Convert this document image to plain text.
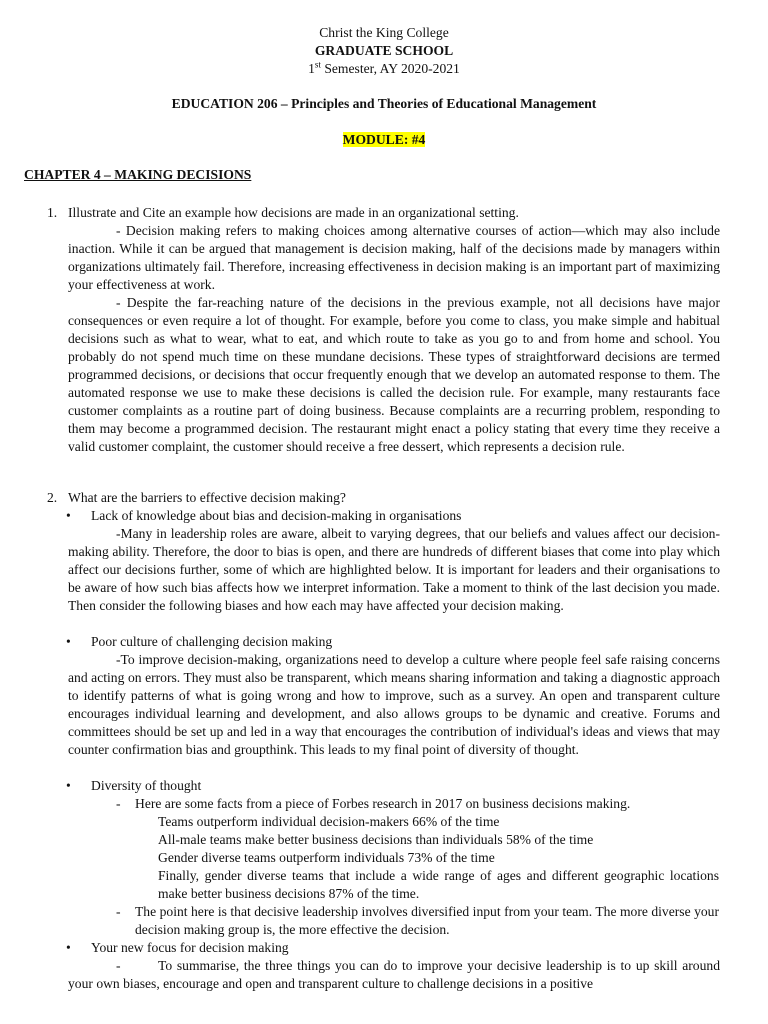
Christ the King College
GRADUATE SCHOOL
1st Semester, AY 2020-2021
EDUCATION 206 – Principles and Theories of Educational Management
MODULE: #4
CHAPTER 4 – MAKING DECISIONS
1. Illustrate and Cite an example how decisions are made in an organizational setting.
- Decision making refers to making choices among alternative courses of action—which may also include inaction. While it can be argued that management is decision making, half of the decisions made by managers within organizations ultimately fail. Therefore, increasing effectiveness in decision making is an important part of maximizing your effectiveness at work.
- Despite the far-reaching nature of the decisions in the previous example, not all decisions have major consequences or even require a lot of thought. For example, before you come to class, you make simple and habitual decisions such as what to wear, what to eat, and which route to take as you go to and from home and school. You probably do not spend much time on these mundane decisions. These types of straightforward decisions are termed programmed decisions, or decisions that occur frequently enough that we develop an automated response to them. The automated response we use to make these decisions is called the decision rule. For example, many restaurants face customer complaints as a routine part of doing business. Because complaints are a recurring problem, responding to them may become a programmed decision. The restaurant might enact a policy stating that every time they receive a valid customer complaint, the customer should receive a free dessert, which represents a decision rule.
2. What are the barriers to effective decision making?
• Lack of knowledge about bias and decision-making in organisations
-Many in leadership roles are aware, albeit to varying degrees, that our beliefs and values affect our decision-making ability. Therefore, the door to bias is open, and there are hundreds of different biases that come into play which affect our decisions further, some of which are highlighted below. It is important for leaders and their organisations to be aware of how such bias affects how we interpret information. Take a moment to think of the last decision you made. Then consider the following biases and how each may have affected your decision making.
• Poor culture of challenging decision making
-To improve decision-making, organizations need to develop a culture where people feel safe raising concerns and acting on errors. They must also be transparent, which means sharing information and taking a diagnostic approach to identify patterns of what is going wrong and how to improve, such as a survey. An open and transparent culture encourages individual learning and development, and also allows groups to be dynamic and creative. Forums and committees should be set up and led in a way that encourages the contribution of individual's ideas and views that may counter confirmation bias and groupthink. This leads to my final point of diversity of thought.
• Diversity of thought
- Here are some facts from a piece of Forbes research in 2017 on business decisions making.
Teams outperform individual decision-makers 66% of the time
All-male teams make better business decisions than individuals 58% of the time
Gender diverse teams outperform individuals 73% of the time
Finally, gender diverse teams that include a wide range of ages and different geographic locations make better business decisions 87% of the time.
- The point here is that decisive leadership involves diversified input from your team. The more diverse your decision making group is, the more effective the decision.
• Your new focus for decision making
-	To summarise, the three things you can do to improve your decisive leadership is to up skill around your own biases, encourage and open and transparent culture to challenge decisions in a positive
